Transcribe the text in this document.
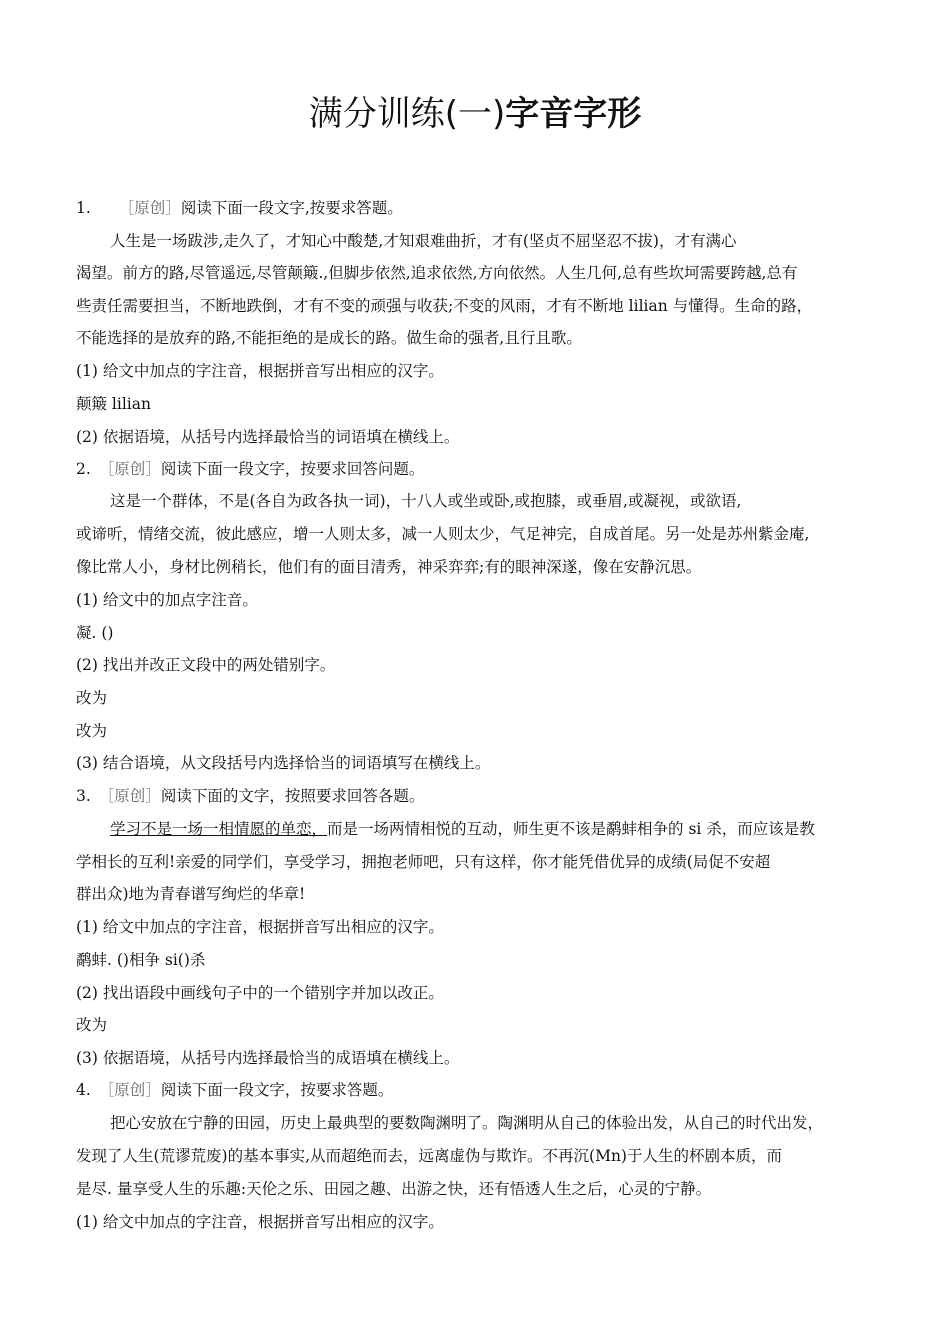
满分训练(一)字音字形
1. ［原创］阅读下面一段文字,按要求答题。
人生是一场跋涉,走久了，才知心中酸楚,才知艰难曲折，才有(坚贞不屈坚忍不拔)，才有满心
渴望。前方的路,尽管遥远,尽管颠簸.,但脚步依然,追求依然,方向依然。人生几何,总有些坎坷需要跨越,总有
些责任需要担当，不断地跌倒，才有不变的顽强与收获;不变的风雨，才有不断地 lilian 与懂得。生命的路，
不能选择的是放弃的路,不能拒绝的是成长的路。做生命的强者,且行且歌。
(1) 给文中加点的字注音，根据拼音写出相应的汉字。
颠簸 lilian
(2) 依据语境，从括号内选择最恰当的词语填在横线上。
2. ［原创］阅读下面一段文字，按要求回答问题。
这是一个群体，不是(各自为政各执一词)，十八人或坐或卧,或抱膝，或垂眉,或凝视，或欲语,
或谛听，情绪交流，彼此感应，增一人则太多，减一人则太少，气足神完，自成首尾。另一处是苏州紫金庵,
像比常人小，身材比例稍长，他们有的面目清秀，神采弈弈;有的眼神深遂，像在安静沉思。
(1) 给文中的加点字注音。
凝. ()
(2) 找出并改正文段中的两处错别字。
改为
改为
(3) 结合语境，从文段括号内选择恰当的词语填写在横线上。
3. ［原创］阅读下面的文字，按照要求回答各题。
学习不是一场一相情愿的单恋，而是一场两情相悦的互动，师生更不该是鹬蚌相争的 si 杀，而应该是教
学相长的互利!亲爱的同学们，享受学习，拥抱老师吧，只有这样，你才能凭借优异的成绩(局促不安超
群出众)地为青春谱写绚烂的华章!
(1) 给文中加点的字注音，根据拼音写出相应的汉字。
鹬蚌. ()相争 si()杀
(2) 找出语段中画线句子中的一个错别字并加以改正。
改为
(3) 依据语境，从括号内选择最恰当的成语填在横线上。
4. ［原创］阅读下面一段文字，按要求答题。
把心安放在宁静的田园，历史上最典型的要数陶渊明了。陶渊明从自己的体验出发，从自己的时代出发，
发现了人生(荒谬荒废)的基本事实,从而超绝而去，远离虚伪与欺诈。不再沉(Mn)于人生的杯剧本质，而
是尽. 量享受人生的乐趣:天伦之乐、田园之趣、出游之快，还有悟透人生之后，心灵的宁静。
(1) 给文中加点的字注音，根据拼音写出相应的汉字。
